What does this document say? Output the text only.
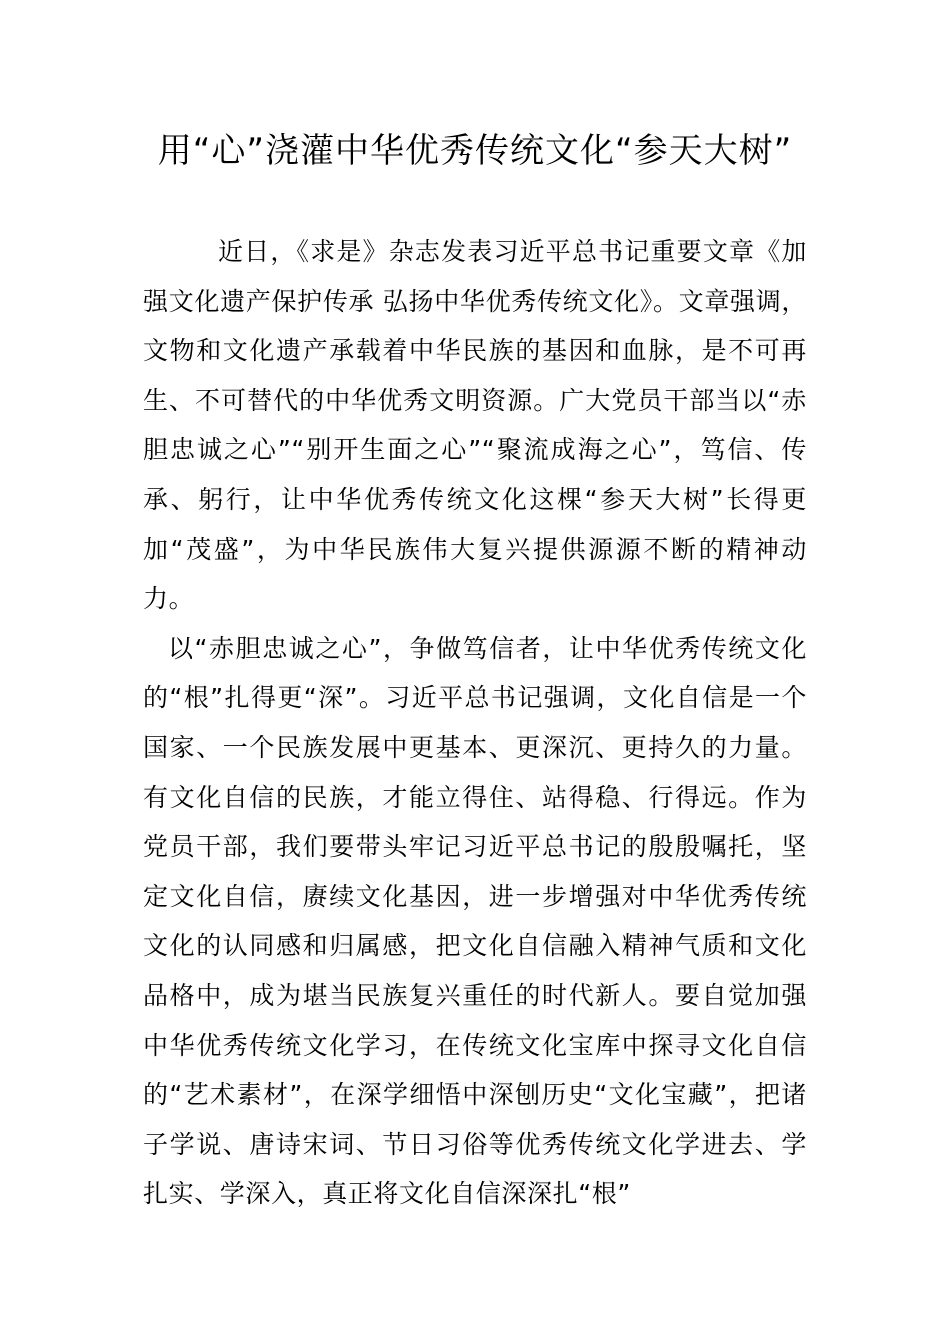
用“心”浇灌中华优秀传统文化“参天大树”

近日，《求是》杂志发表习近平总书记重要文章《加强文化遗产保护传承 弘扬中华优秀传统文化》。文章强调，文物和文化遗产承载着中华民族的基因和血脉，是不可再生、不可替代的中华优秀文明资源。广大党员干部当以“赤胆忠诚之心”“别开生面之心”“聚流成海之心”，笃信、传承、躬行，让中华优秀传统文化这棵“参天大树”长得更加“茂盛”，为中华民族伟大复兴提供源源不断的精神动力。

以“赤胆忠诚之心”，争做笃信者，让中华优秀传统文化的“根”扎得更“深”。习近平总书记强调，文化自信是一个国家、一个民族发展中更基本、更深沉、更持久的力量。有文化自信的民族，才能立得住、站得稳、行得远。作为党员干部，我们要带头牢记习近平总书记的殷殷嘱托，坚定文化自信，赓续文化基因，进一步增强对中华优秀传统文化的认同感和归属感，把文化自信融入精神气质和文化品格中，成为堪当民族复兴重任的时代新人。要自觉加强中华优秀传统文化学习，在传统文化宝库中探寻文化自信的“艺术素材”，在深学细悟中深刨历史“文化宝藏”，把诸子学说、唐诗宋词、节日习俗等优秀传统文化学进去、学扎实、学深入，真正将文化自信深深扎“根”
